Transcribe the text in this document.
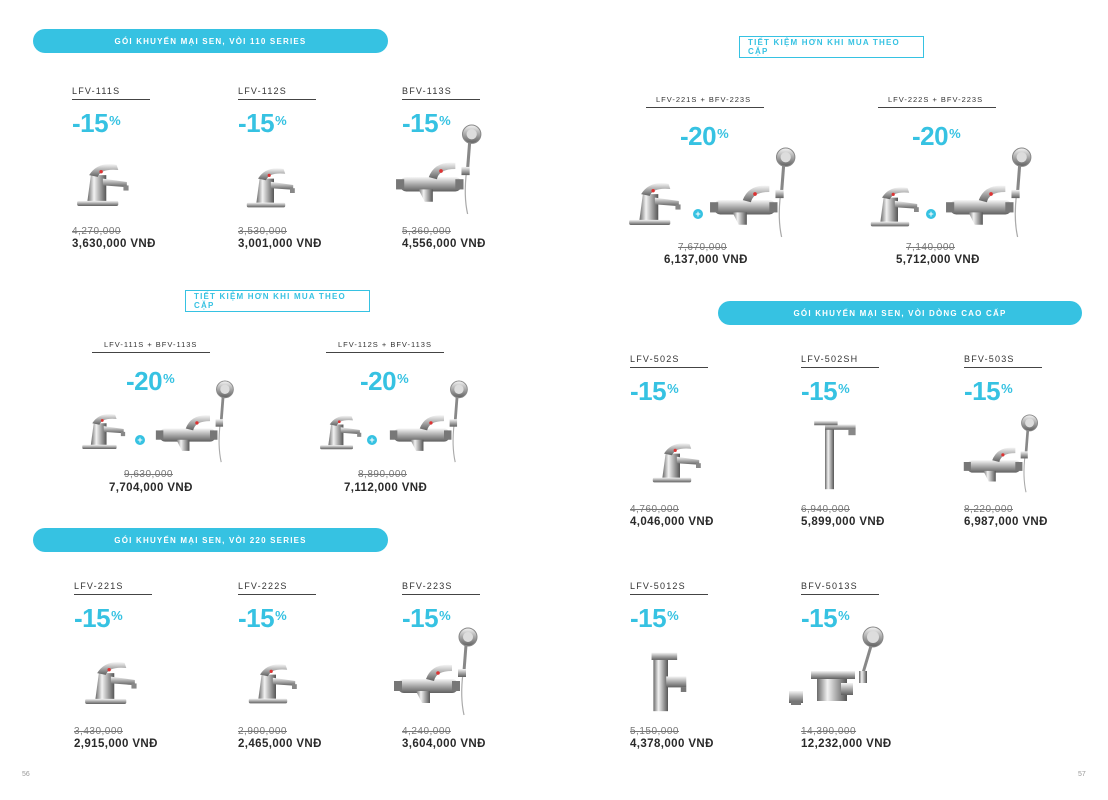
GÓI KHUYẾN MẠI SEN, VÒI 110 SERIES
LFV-111S
-15%
4,270,000
3,630,000 VNĐ
LFV-112S
-15%
3,530,000
3,001,000 VNĐ
BFV-113S
-15%
5,360,000
4,556,000 VNĐ
TIẾT KIỆM HƠN KHI MUA THEO CẶP
LFV-111S + BFV-113S
-20%
+
9,630,000
7,704,000 VNĐ
LFV-112S + BFV-113S
-20%
+
8,890,000
7,112,000 VNĐ
GÓI KHUYẾN MẠI SEN, VÒI 220 SERIES
LFV-221S
-15%
3,430,000
2,915,000 VNĐ
LFV-222S
-15%
2,900,000
2,465,000 VNĐ
BFV-223S
-15%
4,240,000
3,604,000 VNĐ
56
TIẾT KIỆM HƠN KHI MUA THEO CẶP
LFV-221S + BFV-223S
-20%
+
7,670,000
6,137,000 VNĐ
LFV-222S + BFV-223S
-20%
+
7,140,000
5,712,000 VNĐ
GÓI KHUYẾN MẠI SEN, VÒI DÒNG CAO CẤP
LFV-502S
-15%
4,760,000
4,046,000 VNĐ
LFV-502SH
-15%
6,940,000
5,899,000 VNĐ
BFV-503S
-15%
8,220,000
6,987,000 VNĐ
LFV-5012S
-15%
5,150,000
4,378,000 VNĐ
BFV-5013S
-15%
14,390,000
12,232,000 VNĐ
57
